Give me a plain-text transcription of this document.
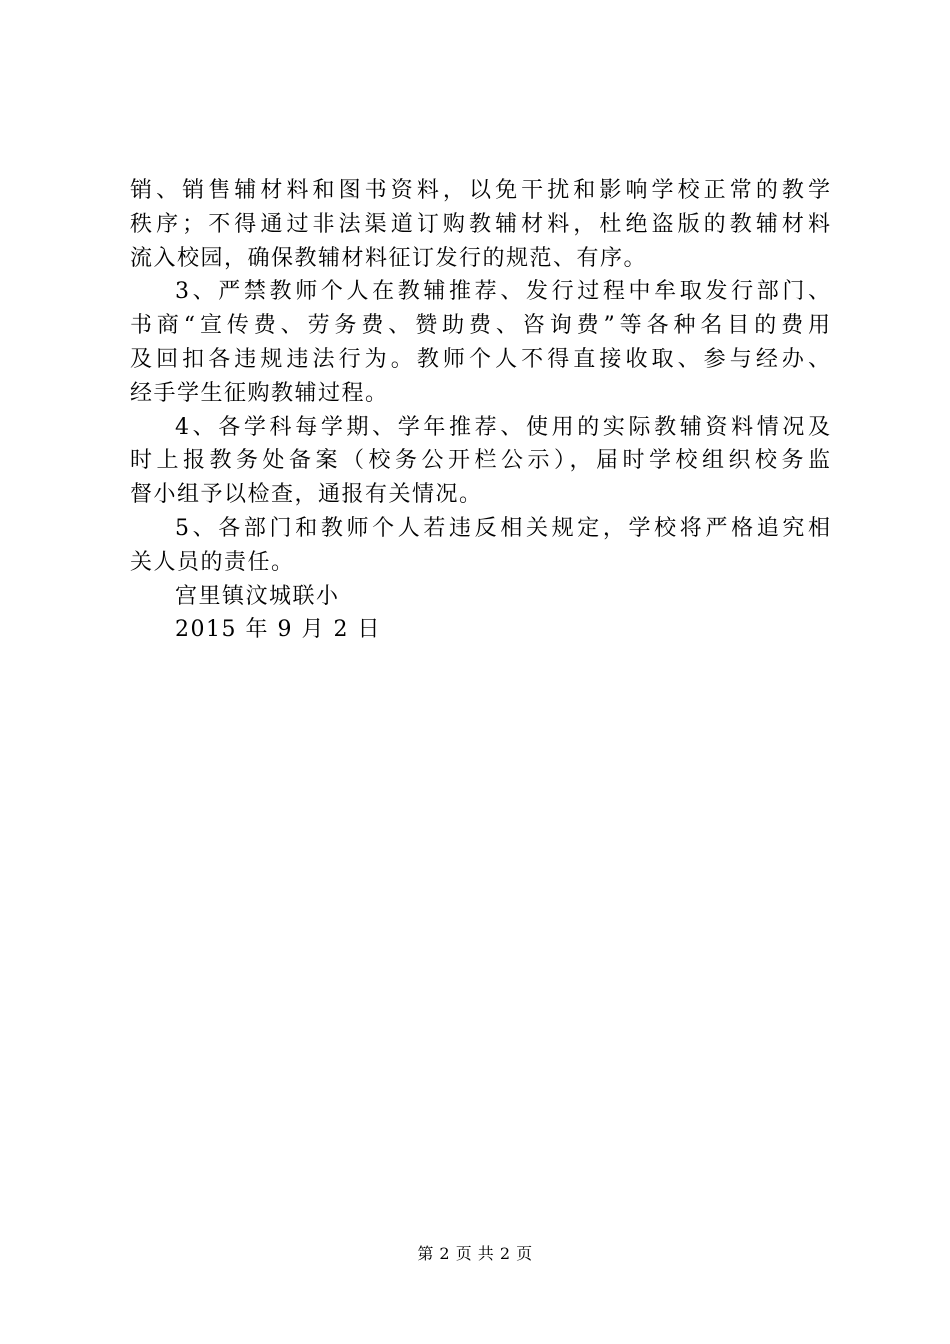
销、销售辅材料和图书资料，以免干扰和影响学校正常的教学
秩序；不得通过非法渠道订购教辅材料，杜绝盗版的教辅材料
流入校园，确保教辅材料征订发行的规范、有序。
3、严禁教师个人在教辅推荐、发行过程中牟取发行部门、
书商“宣传费、劳务费、赞助费、咨询费”等各种名目的费用
及回扣各违规违法行为。教师个人不得直接收取、参与经办、
经手学生征购教辅过程。
4、各学科每学期、学年推荐、使用的实际教辅资料情况及
时上报教务处备案（校务公开栏公示），届时学校组织校务监
督小组予以检查，通报有关情况。
5、各部门和教师个人若违反相关规定，学校将严格追究相
关人员的责任。
宫里镇汶城联小
2015 年 9 月 2 日
第 2 页 共 2 页
